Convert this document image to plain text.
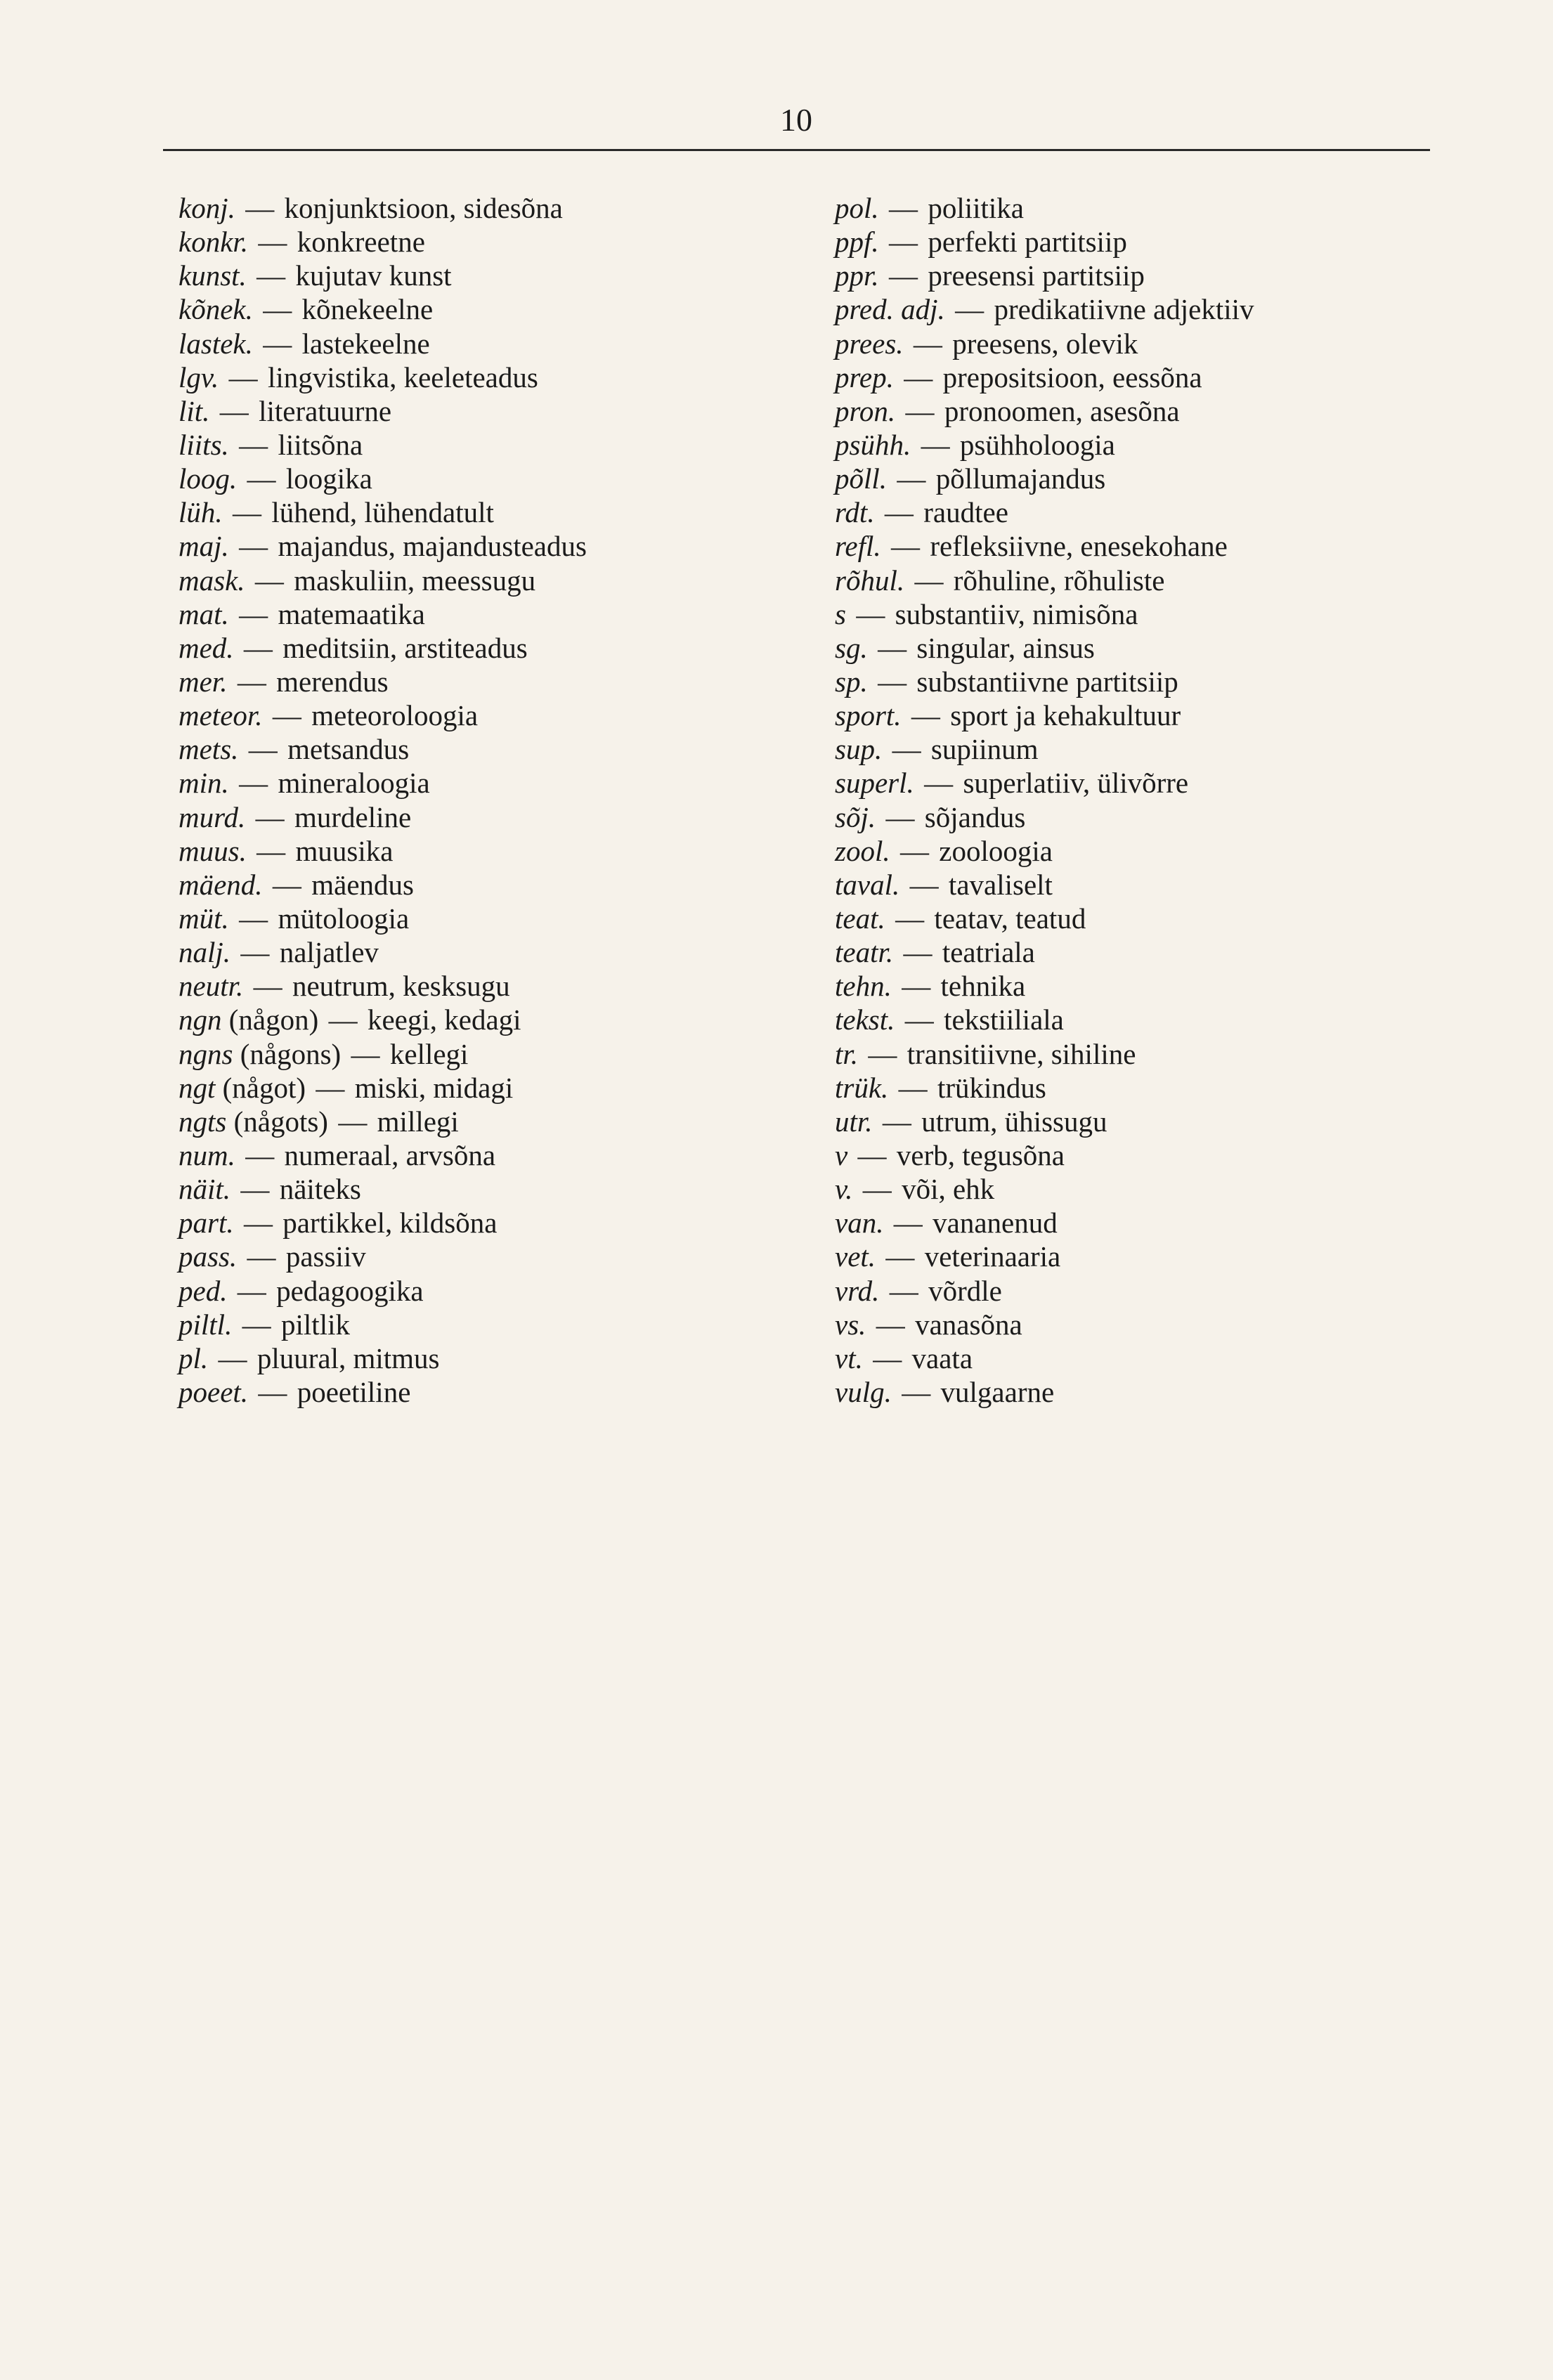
10
konj. — konjunktsioon, sidesõna
konkr. — konkreetne
kunst. — kujutav kunst
kõnek. — kõnekeelne
lastek. — lastekeelne
lgv. — lingvistika, keeleteadus
lit. — literatuurne
liits. — liitsõna
loog. — loogika
lüh. — lühend, lühendatult
maj. — majandus, majandusteadus
mask. — maskuliin, meessugu
mat. — matemaatika
med. — meditsiin, arstiteadus
mer. — merendus
meteor. — meteoroloogia
mets. — metsandus
min. — mineraloogia
murd. — murdeline
muus. — muusika
mäend. — mäendus
müt. — mütoloogia
nalj. — naljatlev
neutr. — neutrum, kesksugu
ngn (någon) — keegi, kedagi
ngns (någons) — kellegi
ngt (något) — miski, midagi
ngts (någots) — millegi
num. — numeraal, arvsõna
näit. — näiteks
part. — partikkel, kildsõna
pass. — passiiv
ped. — pedagoogika
piltl. — piltlik
pl. — pluural, mitmus
poeet. — poeetiline
pol. — poliitika
ppf. — perfekti partitsiip
ppr. — preesensi partitsiip
pred. adj. — predikatiivne adjektiiv
prees. — preesens, olevik
prep. — prepositsioon, eessõna
pron. — pronoomen, asesõna
psühh. — psühholoogia
põll. — põllumajandus
rdt. — raudtee
refl. — refleksiivne, enesekohane
rõhul. — rõhuline, rõhuliste
s — substantiiv, nimisõna
sg. — singular, ainsus
sp. — substantiivne partitsiip
sport. — sport ja kehakultuur
sup. — supiinum
superl. — superlatiiv, ülivõrre
sõj. — sõjandus
zool. — zooloogia
taval. — tavaliselt
teat. — teatav, teatud
teatr. — teatriala
tehn. — tehnika
tekst. — tekstiiliala
tr. — transitiivne, sihiline
trük. — trükindus
utr. — utrum, ühissugu
v — verb, tegusõna
v. — või, ehk
van. — vananenud
vet. — veterinaaria
vrd. — võrdle
vs. — vanasõna
vt. — vaata
vulg. — vulgaarne
